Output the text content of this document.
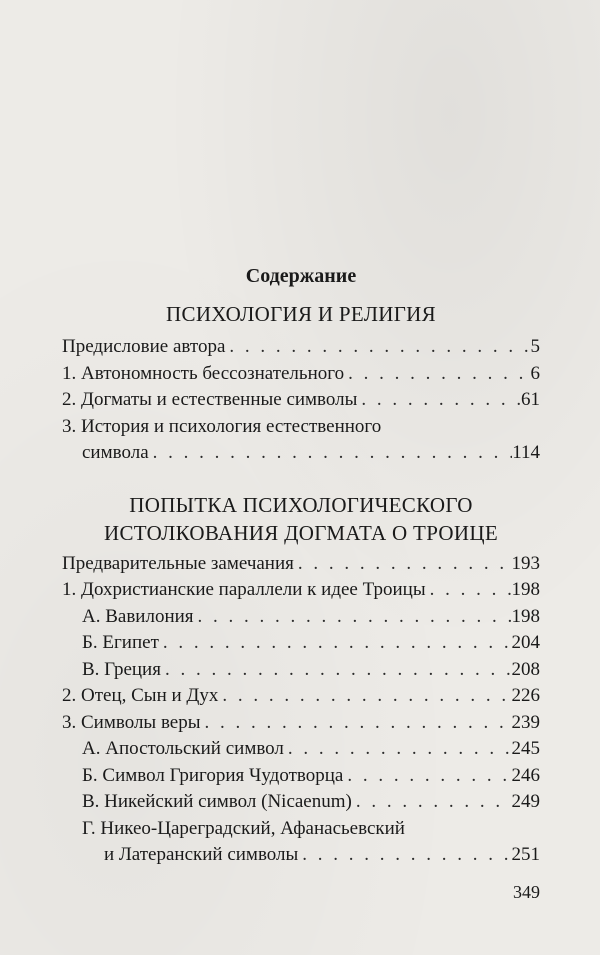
Содержание
ПСИХОЛОГИЯ И РЕЛИГИЯ
Предисловие автора . . .	5
1. Автономность бессознательного . . .	6
2. Догматы и естественные символы . . .	61
3. История и психология естественного
символа . . .	114
ПОПЫТКА ПСИХОЛОГИЧЕСКОГО
ИСТОЛКОВАНИЯ ДОГМАТА О ТРОИЦЕ
Предварительные замечания . . .	193
1. Дохристианские параллели к идее Троицы . . .	198
А. Вавилония . . .	198
Б. Египет . . .	204
В. Греция . . .	208
2. Отец, Сын и Дух . . .	226
3. Символы веры . . .	239
А. Апостольский символ . . .	245
Б. Символ Григория Чудотворца . . .	246
В. Никейский символ (Nicaenum) . . .	249
Г. Никео-Цареградский, Афанасьевский
и Латеранский символы . . .	251
349
